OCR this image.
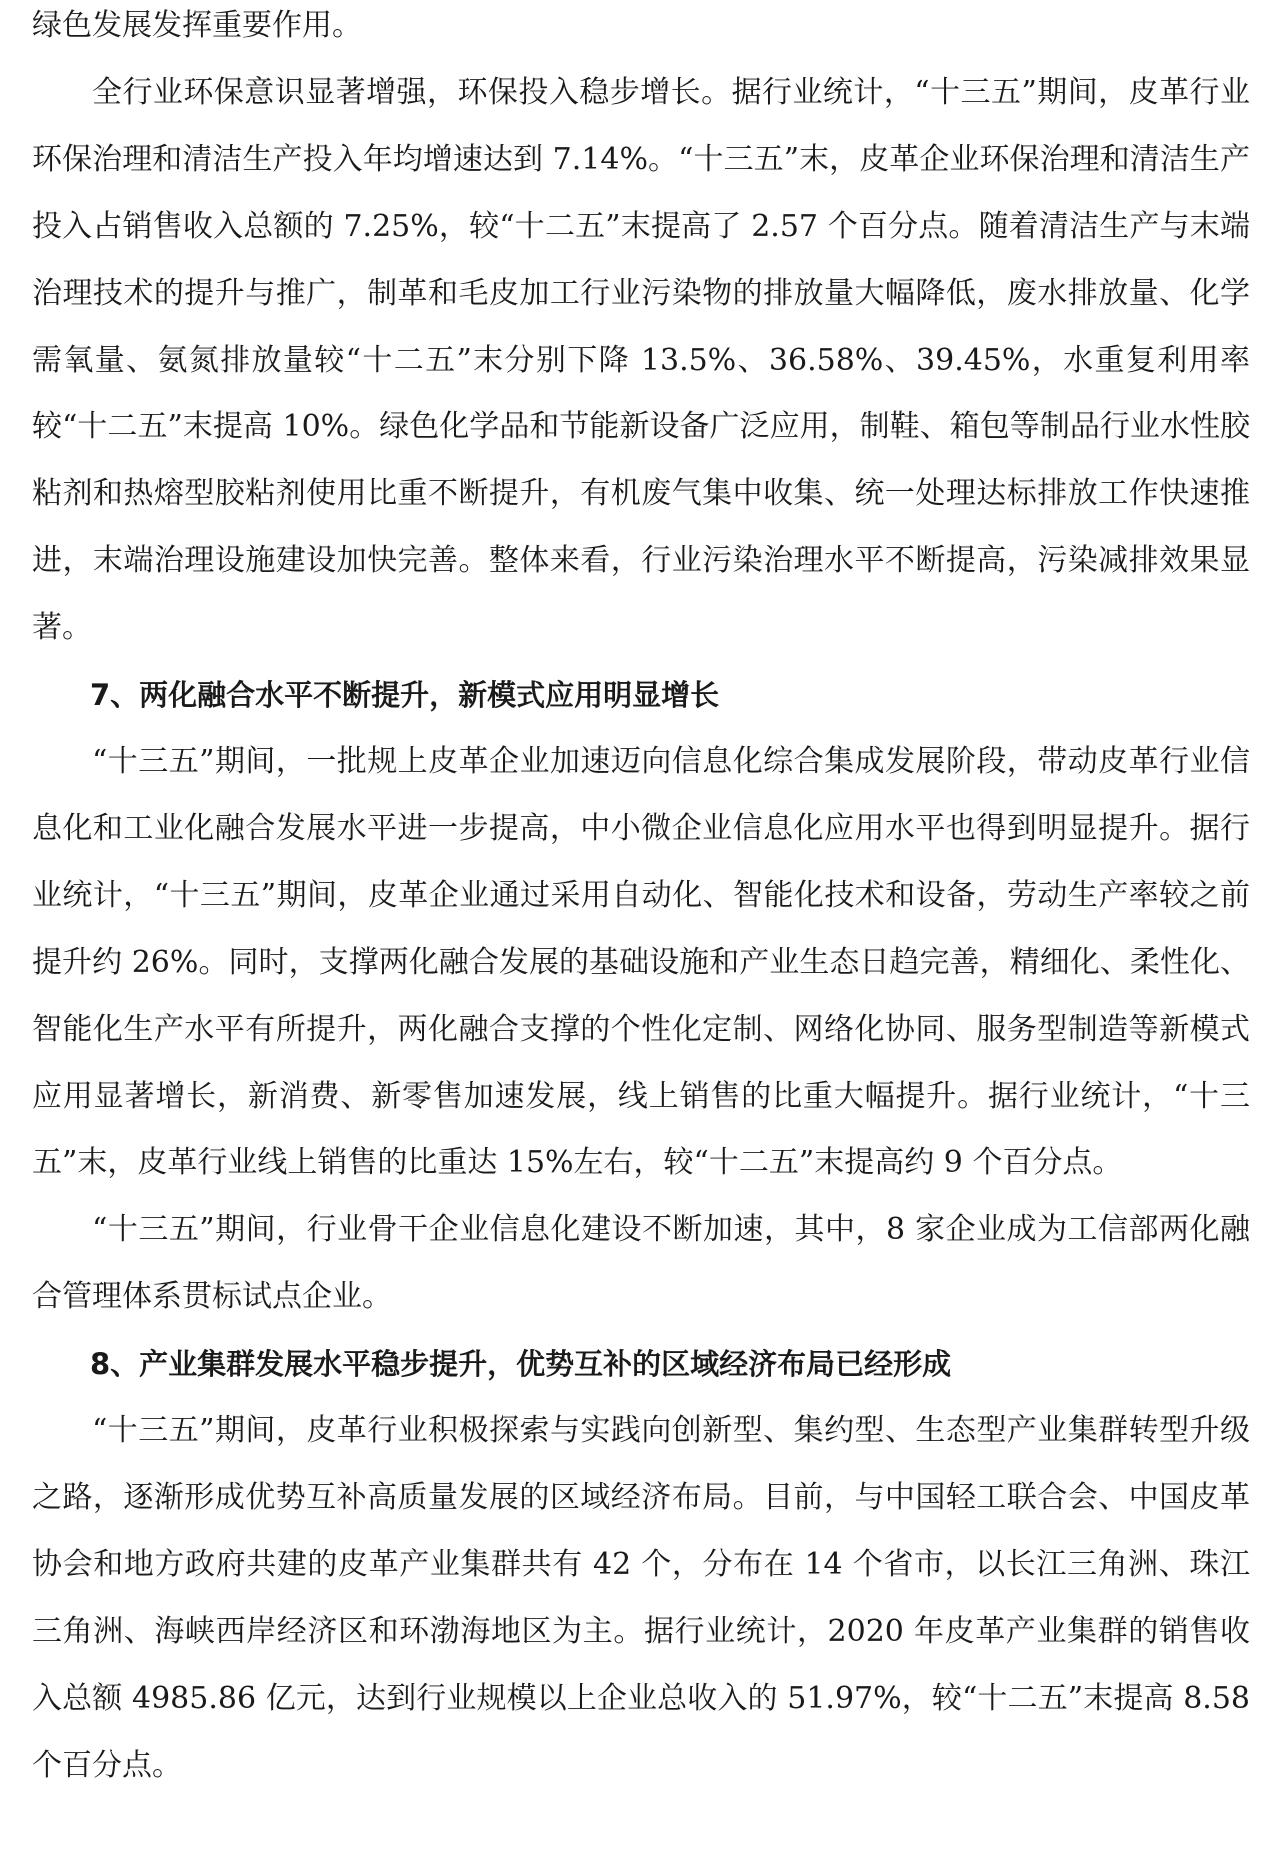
绿色发展发挥重要作用。

全行业环保意识显著增强，环保投入稳步增长。据行业统计，“十三五”期间，皮革行业环保治理和清洁生产投入年均增速达到 7.14%。“十三五”末，皮革企业环保治理和清洁生产投入占销售收入总额的 7.25%，较“十二五”末提高了 2.57 个百分点。随着清洁生产与末端治理技术的提升与推广，制革和毛皮加工行业污染物的排放量大幅降低，废水排放量、化学需氧量、氨氮排放量较“十二五”末分别下降 13.5%、36.58%、39.45%，水重复利用率较“十二五”末提高 10%。绿色化学品和节能新设备广泛应用，制鞋、箱包等制品行业水性胶粘剂和热熔型胶粘剂使用比重不断提升，有机废气集中收集、统一处理达标排放工作快速推进，末端治理设施建设加快完善。整体来看，行业污染治理水平不断提高，污染减排效果显著。

7、两化融合水平不断提升，新模式应用明显增长

“十三五”期间，一批规上皮革企业加速迈向信息化综合集成发展阶段，带动皮革行业信息化和工业化融合发展水平进一步提高，中小微企业信息化应用水平也得到明显提升。据行业统计，“十三五”期间，皮革企业通过采用自动化、智能化技术和设备，劳动生产率较之前提升约 26%。同时，支撑两化融合发展的基础设施和产业生态日趋完善，精细化、柔性化、智能化生产水平有所提升，两化融合支撑的个性化定制、网络化协同、服务型制造等新模式应用显著增长，新消费、新零售加速发展，线上销售的比重大幅提升。据行业统计，“十三五”末，皮革行业线上销售的比重达 15%左右，较“十二五”末提高约 9 个百分点。

“十三五”期间，行业骨干企业信息化建设不断加速，其中，8 家企业成为工信部两化融合管理体系贯标试点企业。

8、产业集群发展水平稳步提升，优势互补的区域经济布局已经形成

“十三五”期间，皮革行业积极探索与实践向创新型、集约型、生态型产业集群转型升级之路，逐渐形成优势互补高质量发展的区域经济布局。目前，与中国轻工联合会、中国皮革协会和地方政府共建的皮革产业集群共有 42 个，分布在 14 个省市，以长江三角洲、珠江三角洲、海峡西岸经济区和环渤海地区为主。据行业统计，2020 年皮革产业集群的销售收入总额 4985.86 亿元，达到行业规模以上企业总收入的 51.97%，较“十二五”末提高 8.58 个百分点。
